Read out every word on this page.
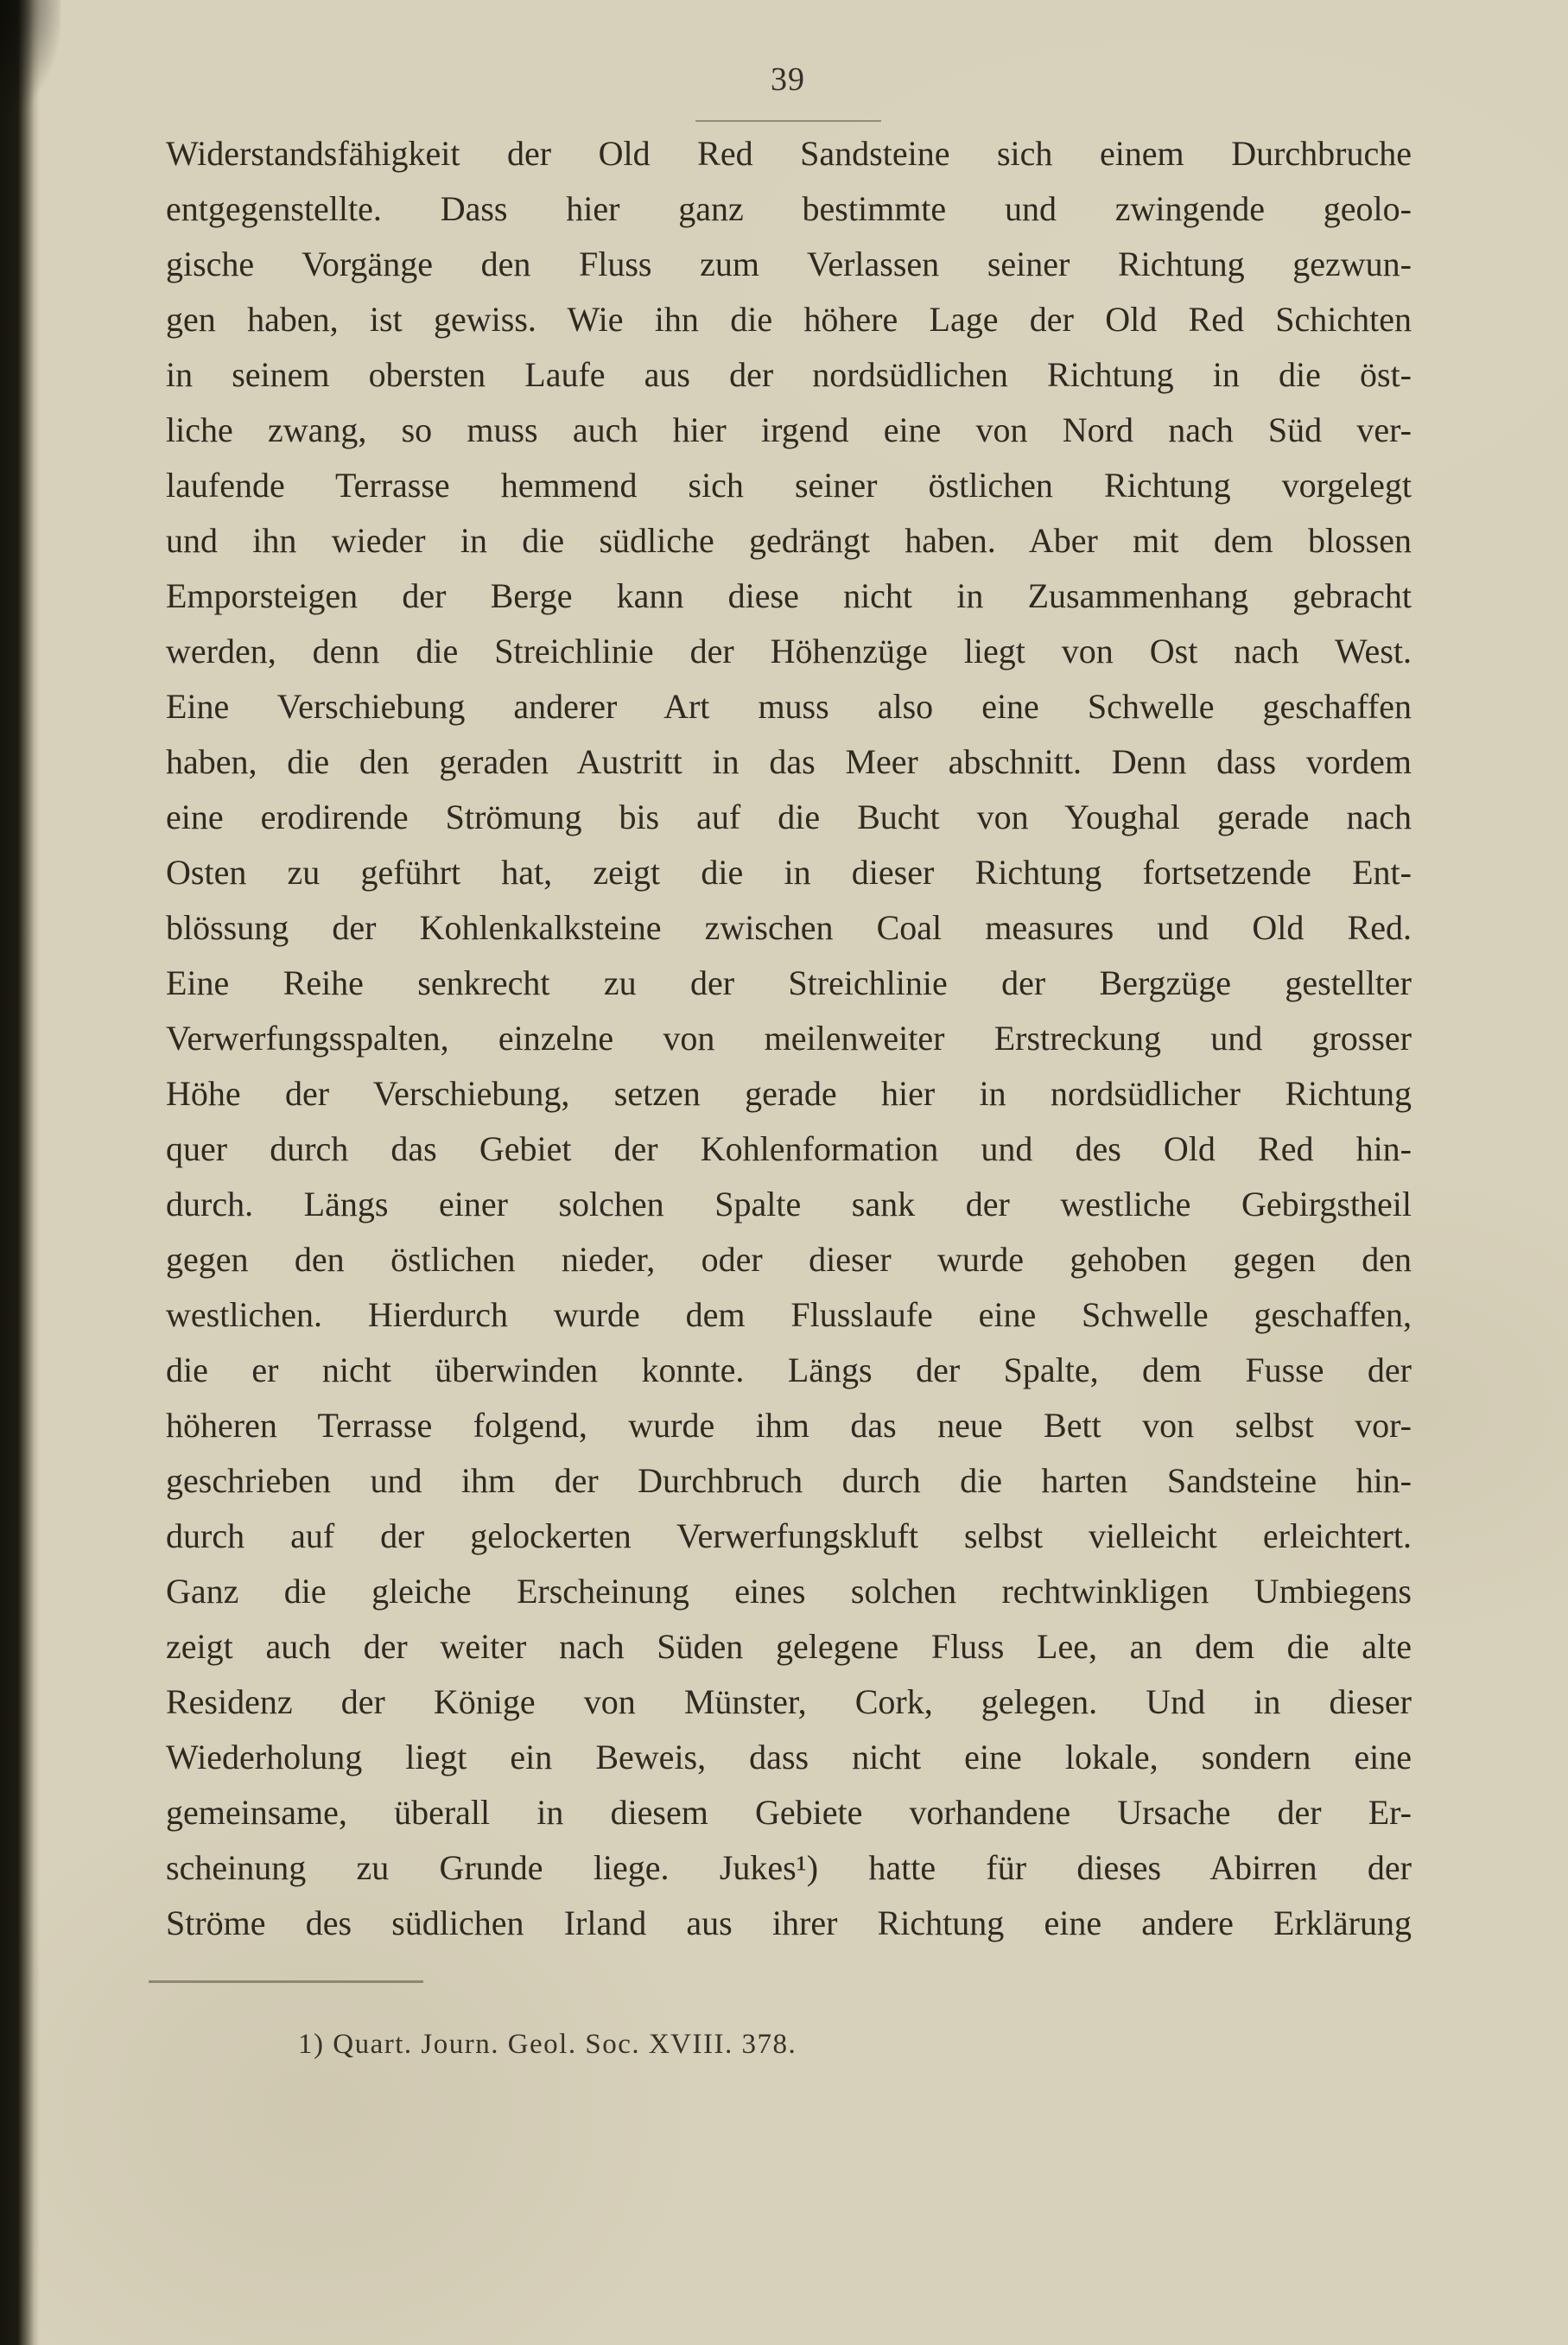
39
Widerstandsfähigkeit der Old Red Sandsteine sich einem Durchbruche
entgegenstellte. Dass hier ganz bestimmte und zwingende geolo-
gische Vorgänge den Fluss zum Verlassen seiner Richtung gezwun-
gen haben, ist gewiss. Wie ihn die höhere Lage der Old Red Schichten
in seinem obersten Laufe aus der nordsüdlichen Richtung in die öst-
liche zwang, so muss auch hier irgend eine von Nord nach Süd ver-
laufende Terrasse hemmend sich seiner östlichen Richtung vorgelegt
und ihn wieder in die südliche gedrängt haben. Aber mit dem blossen
Emporsteigen der Berge kann diese nicht in Zusammenhang gebracht
werden, denn die Streichlinie der Höhenzüge liegt von Ost nach West.
Eine Verschiebung anderer Art muss also eine Schwelle geschaffen
haben, die den geraden Austritt in das Meer abschnitt. Denn dass vordem
eine erodirende Strömung bis auf die Bucht von Youghal gerade nach
Osten zu geführt hat, zeigt die in dieser Richtung fortsetzende Ent-
blössung der Kohlenkalksteine zwischen Coal measures und Old Red.
Eine Reihe senkrecht zu der Streichlinie der Bergzüge gestellter
Verwerfungsspalten, einzelne von meilenweiter Erstreckung und grosser
Höhe der Verschiebung, setzen gerade hier in nordsüdlicher Richtung
quer durch das Gebiet der Kohlenformation und des Old Red hin-
durch. Längs einer solchen Spalte sank der westliche Gebirgstheil
gegen den östlichen nieder, oder dieser wurde gehoben gegen den
westlichen. Hierdurch wurde dem Flusslaufe eine Schwelle geschaffen,
die er nicht überwinden konnte. Längs der Spalte, dem Fusse der
höheren Terrasse folgend, wurde ihm das neue Bett von selbst vor-
geschrieben und ihm der Durchbruch durch die harten Sandsteine hin-
durch auf der gelockerten Verwerfungskluft selbst vielleicht erleichtert.
Ganz die gleiche Erscheinung eines solchen rechtwinkligen Umbiegens
zeigt auch der weiter nach Süden gelegene Fluss Lee, an dem die alte
Residenz der Könige von Münster, Cork, gelegen. Und in dieser
Wiederholung liegt ein Beweis, dass nicht eine lokale, sondern eine
gemeinsame, überall in diesem Gebiete vorhandene Ursache der Er-
scheinung zu Grunde liege. Jukes¹) hatte für dieses Abirren der
Ströme des südlichen Irland aus ihrer Richtung eine andere Erklärung
1) Quart. Journ. Geol. Soc. XVIII. 378.
